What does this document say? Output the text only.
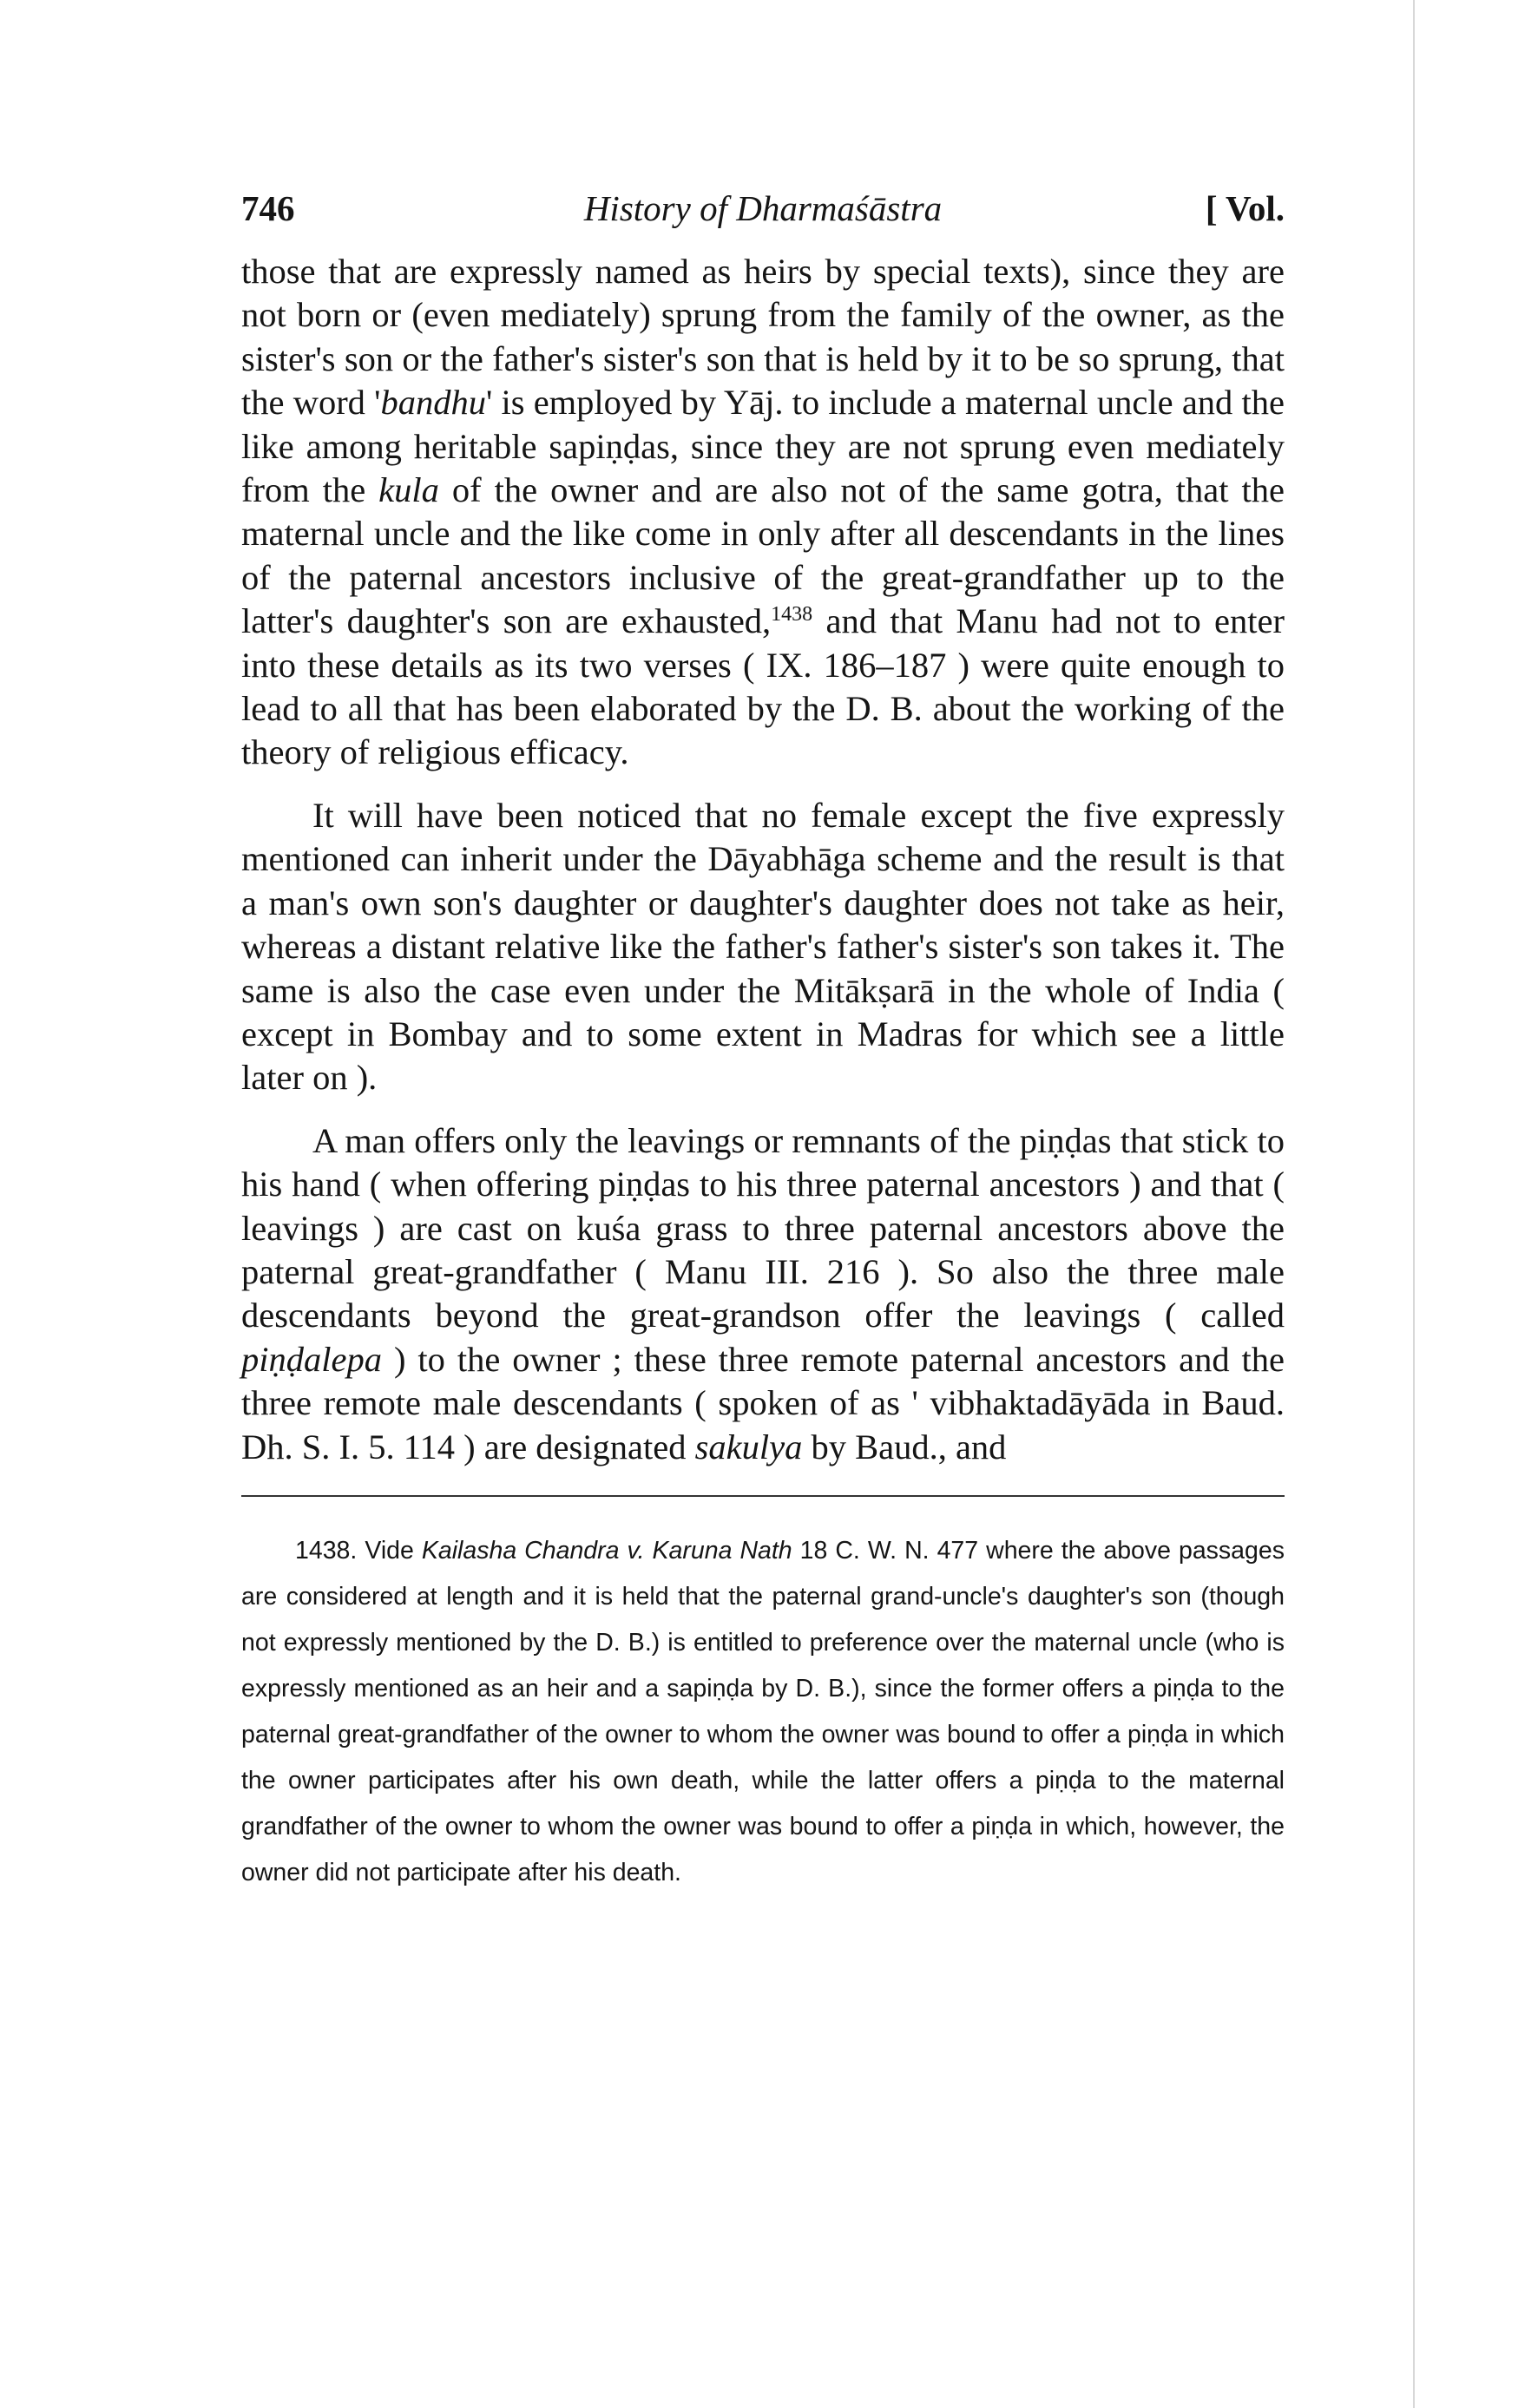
746	History of Dharmaśāstra	[ Vol.

those that are expressly named as heirs by special texts), since they are not born or (even mediately) sprung from the family of the owner, as the sister's son or the father's sister's son that is held by it to be so sprung, that the word 'bandhu' is employed by Yāj. to include a maternal uncle and the like among heritable sapiṇḍas, since they are not sprung even mediately from the kula of the owner and are also not of the same gotra, that the maternal uncle and the like come in only after all descendants in the lines of the paternal ancestors inclusive of the great-grandfather up to the latter's daughter's son are exhausted,$^{1438}$ and that Manu had not to enter into these details as its two verses ( IX. 186–187 ) were quite enough to lead to all that has been elaborated by the D. B. about the working of the theory of religious efficacy.

It will have been noticed that no female except the five expressly mentioned can inherit under the Dāyabhāga scheme and the result is that a man's own son's daughter or daughter's daughter does not take as heir, whereas a distant relative like the father's father's sister's son takes it. The same is also the case even under the Mitākṣarā in the whole of India ( except in Bombay and to some extent in Madras for which see a little later on ).

A man offers only the leavings or remnants of the piṇḍas that stick to his hand ( when offering piṇḍas to his three paternal ancestors ) and that ( leavings ) are cast on kuśa grass to three paternal ancestors above the paternal great-grandfather ( Manu III. 216 ). So also the three male descendants beyond the great-grandson offer the leavings ( called piṇḍalepa ) to the owner ; these three remote paternal ancestors and the three remote male descendants ( spoken of as ' vibhaktadāyāda in Baud. Dh. S. I. 5. 114 ) are designated sakulya by Baud., and

1438. Vide Kailasha Chandra v. Karuna Nath 18 C. W. N. 477 where the above passages are considered at length and it is held that the paternal grand-uncle's daughter's son (though not expressly mentioned by the D. B.) is entitled to preference over the maternal uncle (who is expressly mentioned as an heir and a sapiṇḍa by D. B.), since the former offers a piṇḍa to the paternal great-grandfather of the owner to whom the owner was bound to offer a piṇḍa in which the owner participates after his own death, while the latter offers a piṇḍa to the maternal grandfather of the owner to whom the owner was bound to offer a piṇḍa in which, however, the owner did not participate after his death.
